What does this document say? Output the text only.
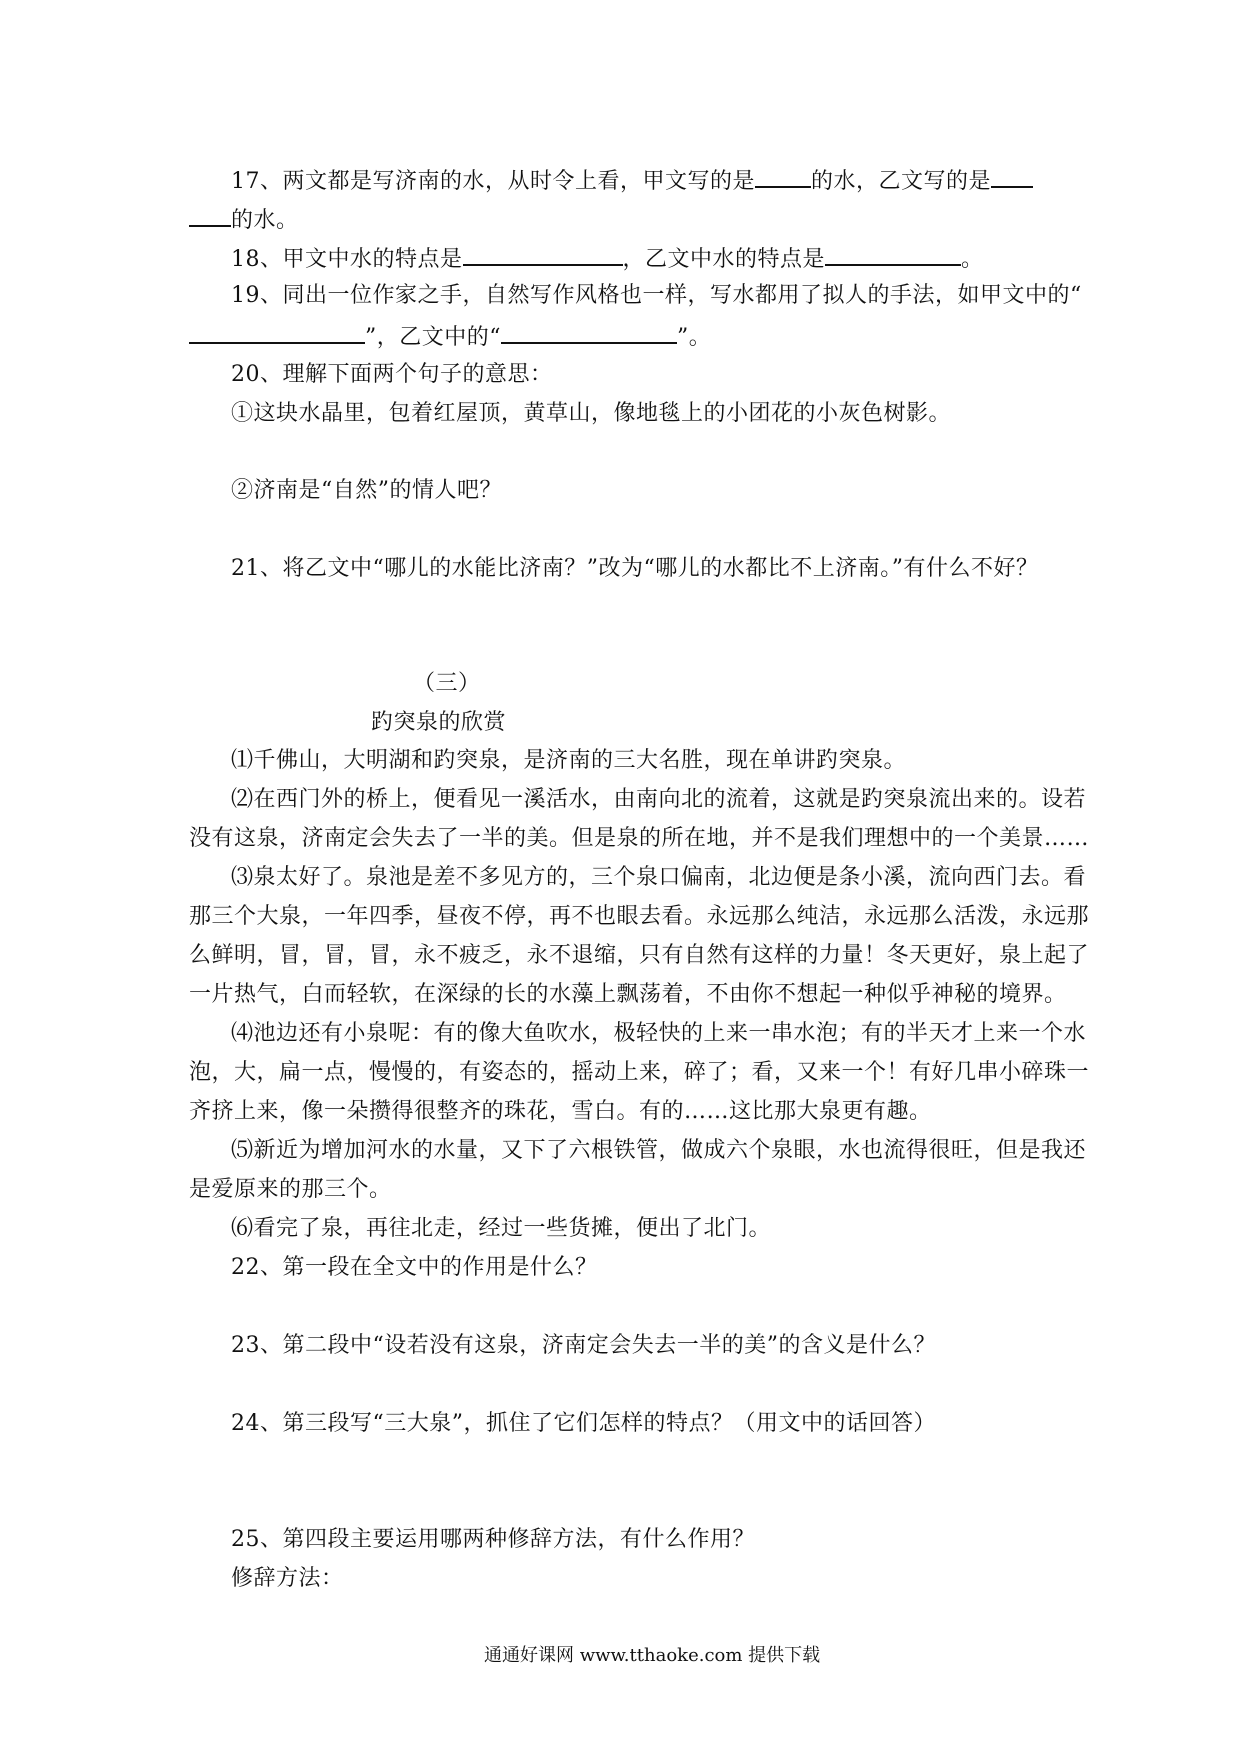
17、两文都是写济南的水，从时令上看，甲文写的是	的水，乙文写的是
的水。
18、甲文中水的特点是	，乙文中水的特点是	。
19、同出一位作家之手，自然写作风格也一样，写水都用了拟人的手法，如甲文中的“
”，乙文中的“	”。
20、理解下面两个句子的意思：
①这块水晶里，包着红屋顶，黄草山，像地毯上的小团花的小灰色树影。
②济南是“自然”的情人吧？
21、将乙文中“哪儿的水能比济南？”改为“哪儿的水都比不上济南。”有什么不好？
（三）
趵突泉的欣赏
⑴千佛山，大明湖和趵突泉，是济南的三大名胜，现在单讲趵突泉。
⑵在西门外的桥上，便看见一溪活水，由南向北的流着，这就是趵突泉流出来的。设若
没有这泉，济南定会失去了一半的美。但是泉的所在地，并不是我们理想中的一个美景……
⑶泉太好了。泉池是差不多见方的，三个泉口偏南，北边便是条小溪，流向西门去。看
那三个大泉，一年四季，昼夜不停，再不也眼去看。永远那么纯洁，永远那么活泼，永远那
么鲜明，冒，冒，冒，永不疲乏，永不退缩，只有自然有这样的力量！冬天更好，泉上起了
一片热气，白而轻软，在深绿的长的水藻上飘荡着，不由你不想起一种似乎神秘的境界。
⑷池边还有小泉呢：有的像大鱼吹水，极轻快的上来一串水泡；有的半天才上来一个水
泡，大，扁一点，慢慢的，有姿态的，摇动上来，碎了；看，又来一个！有好几串小碎珠一
齐挤上来，像一朵攒得很整齐的珠花，雪白。有的……这比那大泉更有趣。
⑸新近为增加河水的水量，又下了六根铁管，做成六个泉眼，水也流得很旺，但是我还
是爱原来的那三个。
⑹看完了泉，再往北走，经过一些货摊，便出了北门。
22、第一段在全文中的作用是什么？
23、第二段中“设若没有这泉，济南定会失去一半的美”的含义是什么？
24、第三段写“三大泉”，抓住了它们怎样的特点？（用文中的话回答）
25、第四段主要运用哪两种修辞方法，有什么作用？
修辞方法：
通通好课网 www.tthaoke.com 提供下载
